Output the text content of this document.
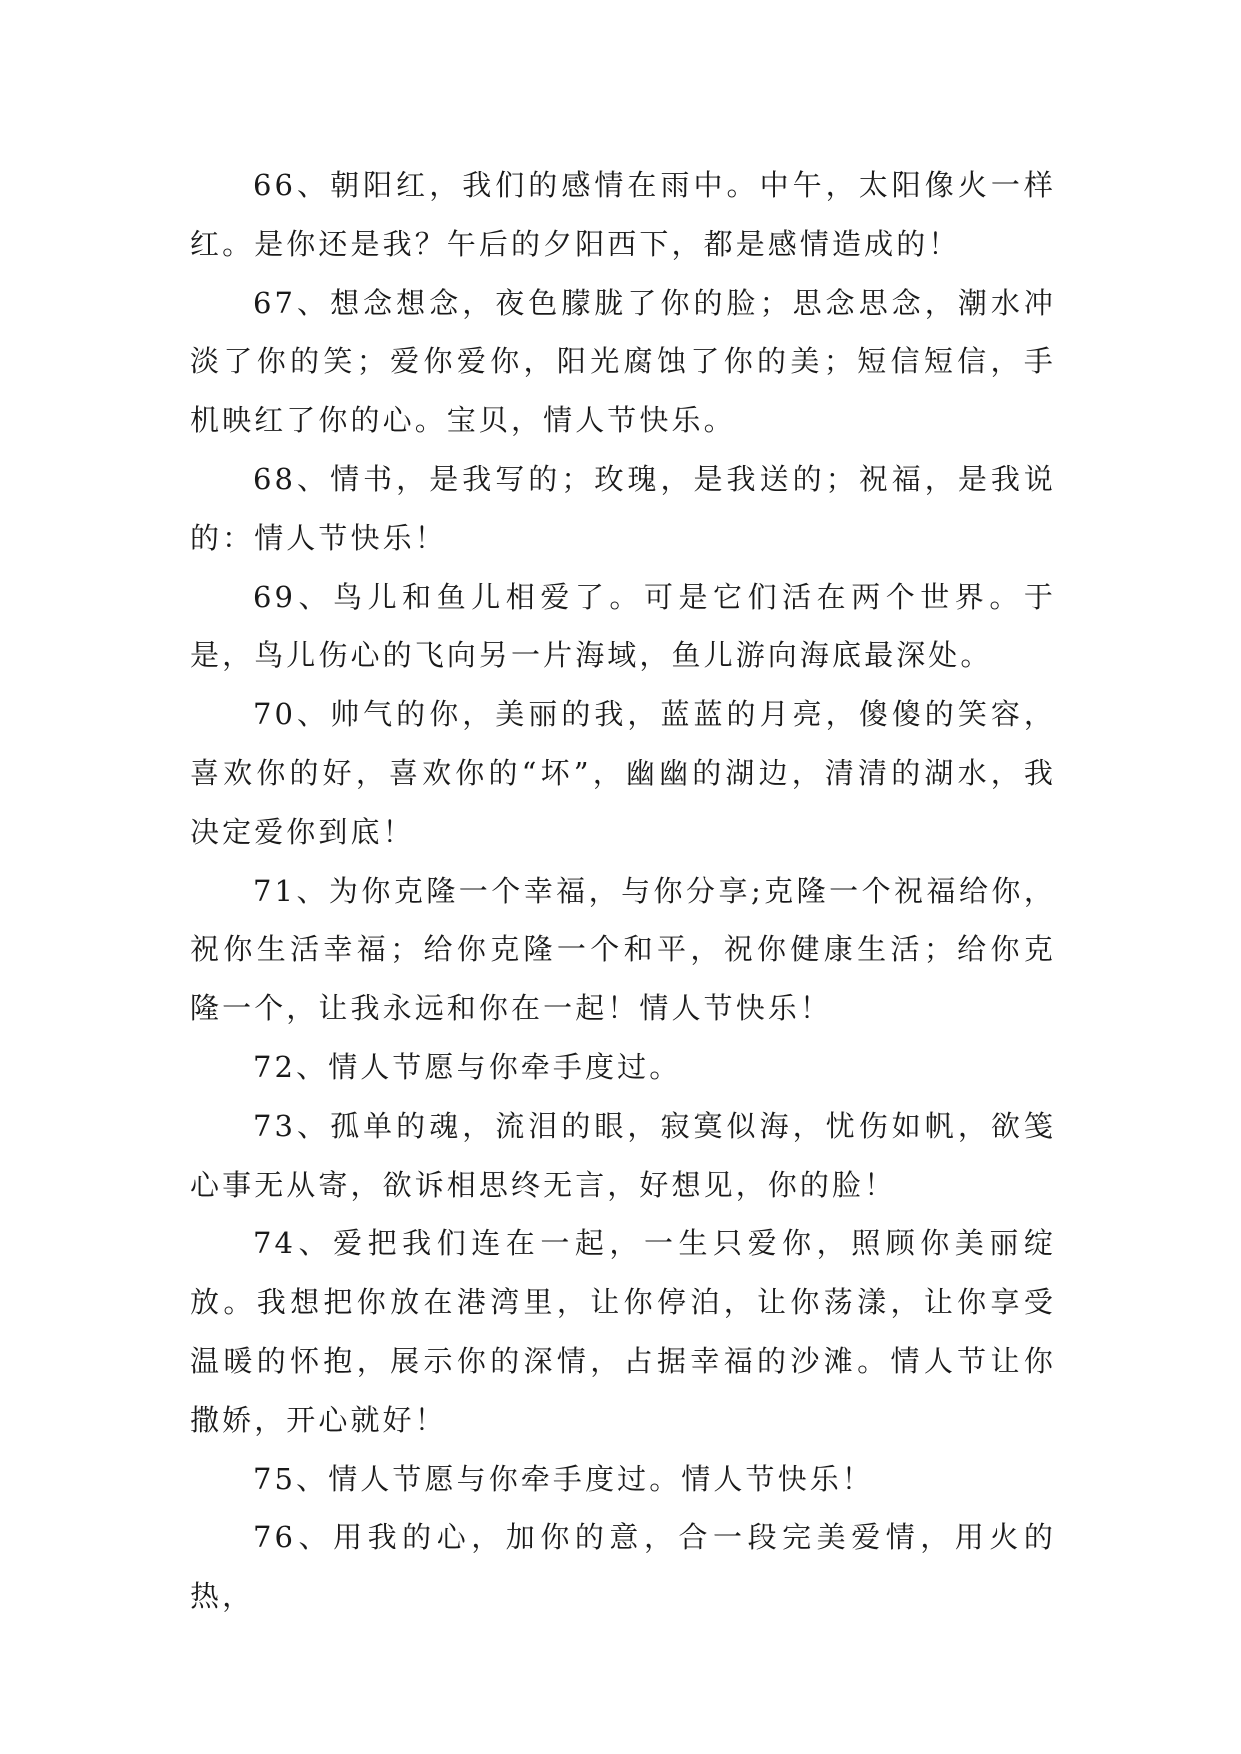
66、朝阳红，我们的感情在雨中。中午，太阳像火一样红。是你还是我？午后的夕阳西下，都是感情造成的！

67、想念想念，夜色朦胧了你的脸；思念思念，潮水冲淡了你的笑；爱你爱你，阳光腐蚀了你的美；短信短信，手机映红了你的心。宝贝，情人节快乐。

68、情书，是我写的；玫瑰，是我送的；祝福，是我说的：情人节快乐！

69、鸟儿和鱼儿相爱了。可是它们活在两个世界。于是，鸟儿伤心的飞向另一片海域，鱼儿游向海底最深处。

70、帅气的你，美丽的我，蓝蓝的月亮，傻傻的笑容，喜欢你的好，喜欢你的“坏”，幽幽的湖边，清清的湖水，我决定爱你到底！

71、为你克隆一个幸福，与你分享;克隆一个祝福给你，祝你生活幸福；给你克隆一个和平，祝你健康生活；给你克隆一个，让我永远和你在一起！情人节快乐！

72、情人节愿与你牵手度过。

73、孤单的魂，流泪的眼，寂寞似海，忧伤如帆，欲笺心事无从寄，欲诉相思终无言，好想见，你的脸！

74、爱把我们连在一起，一生只爱你，照顾你美丽绽放。我想把你放在港湾里，让你停泊，让你荡漾，让你享受温暖的怀抱，展示你的深情，占据幸福的沙滩。情人节让你撒娇，开心就好！

75、情人节愿与你牵手度过。情人节快乐！

76、用我的心，加你的意，合一段完美爱情，用火的热，
